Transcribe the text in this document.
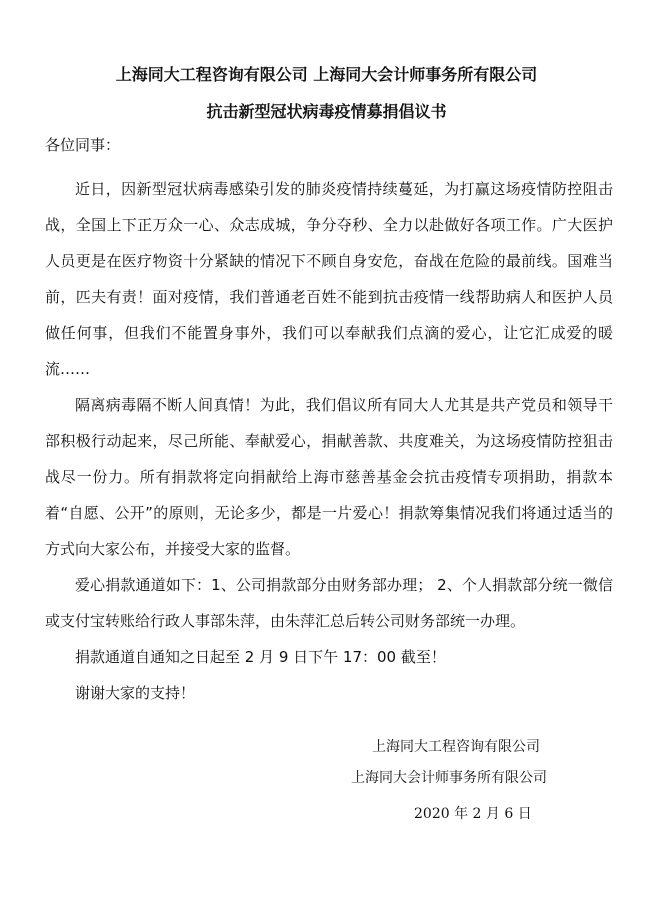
上海同大工程咨询有限公司 上海同大会计师事务所有限公司
抗击新型冠状病毒疫情募捐倡议书
各位同事：

近日，因新型冠状病毒感染引发的肺炎疫情持续蔓延，为打赢这场疫情防控阻击战，全国上下正万众一心、众志成城，争分夺秒、全力以赴做好各项工作。广大医护人员更是在医疗物资十分紧缺的情况下不顾自身安危，奋战在危险的最前线。国难当前，匹夫有责！面对疫情，我们普通老百姓不能到抗击疫情一线帮助病人和医护人员做任何事，但我们不能置身事外，我们可以奉献我们点滴的爱心，让它汇成爱的暖流……

隔离病毒隔不断人间真情！为此，我们倡议所有同大人尤其是共产党员和领导干部积极行动起来，尽己所能、奉献爱心，捐献善款、共度难关，为这场疫情防控狙击战尽一份力。所有捐款将定向捐献给上海市慈善基金会抗击疫情专项捐助，捐款本着“自愿、公开”的原则，无论多少，都是一片爱心！捐款筹集情况我们将通过适当的方式向大家公布，并接受大家的监督。

爱心捐款通道如下：1、公司捐款部分由财务部办理； 2、个人捐款部分统一微信或支付宝转账给行政人事部朱萍，由朱萍汇总后转公司财务部统一办理。

捐款通道自通知之日起至 2 月 9 日下午 17：00 截至！

谢谢大家的支持！

上海同大工程咨询有限公司
上海同大会计师事务所有限公司
2020 年 2 月 6 日
